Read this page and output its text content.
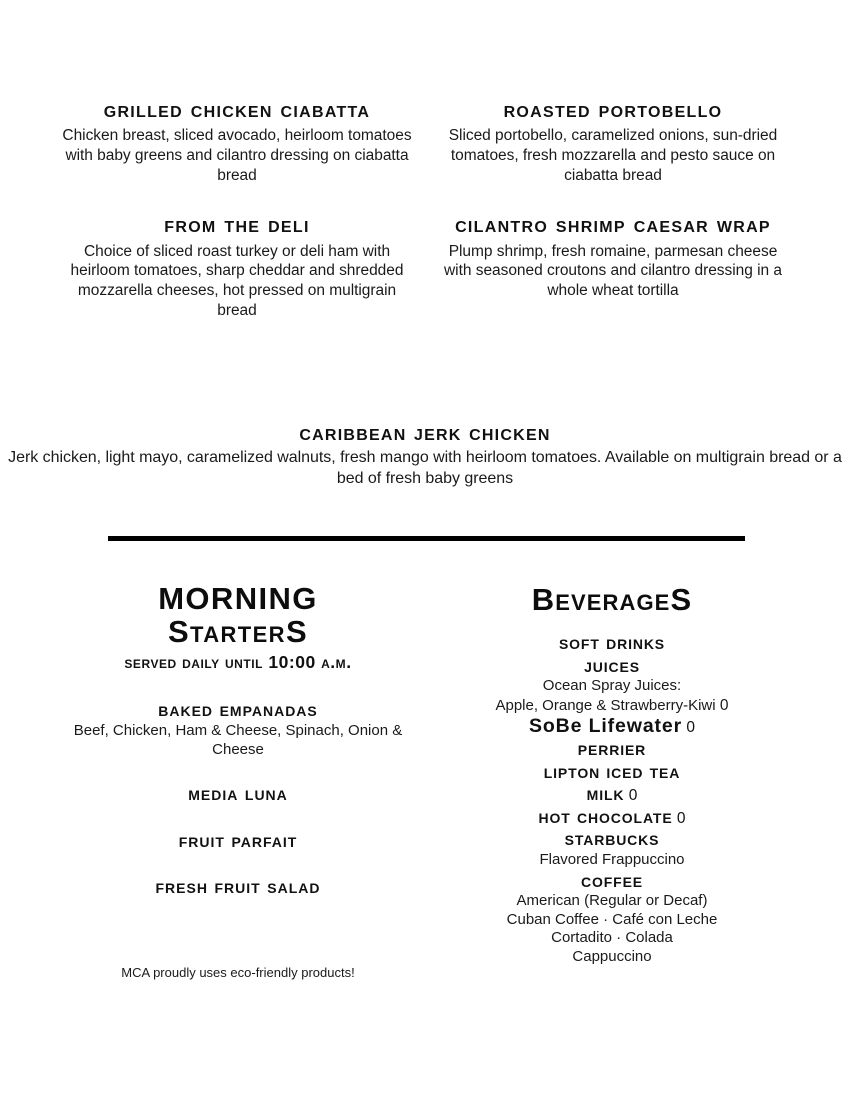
grilled chicken ciabatta
Chicken breast, sliced avocado, heirloom tomatoes with baby greens and cilantro dressing on ciabatta bread
from the deli
Choice of sliced roast turkey or deli ham with heirloom tomatoes, sharp cheddar and shredded mozzarella cheeses, hot pressed on multigrain bread
roasted portobello
Sliced portobello, caramelized onions, sun-dried tomatoes, fresh mozzarella and pesto sauce on ciabatta bread
cilantro shrimp caesar wrap
Plump shrimp, fresh romaine, parmesan cheese with seasoned croutons and cilantro dressing in a whole wheat tortilla
caribbean jerk chicken
Jerk chicken, light mayo, caramelized walnuts, fresh mango with heirloom tomatoes. Available on multigrain bread or a bed of fresh baby greens
MORNING
StarterS
served daily until 10:00 a.m.
baked empanadas
Beef, Chicken, Ham & Cheese, Spinach, Onion & Cheese
media luna
fruit parfait
fresh fruit salad
MCA proudly uses eco-friendly products!
BeverageS
soft drinks
juices
Ocean Spray Juices:
Apple, Orange & Strawberry-Kiwi 0
SoBe Lifewater 0
perrier
lipton iced tea
milk 0
hot chocolate 0
starbucks
Flavored Frappuccino
coffee
American (Regular or Decaf)
Cuban Coffee · Café con Leche
Cortadito · Colada
Cappuccino
